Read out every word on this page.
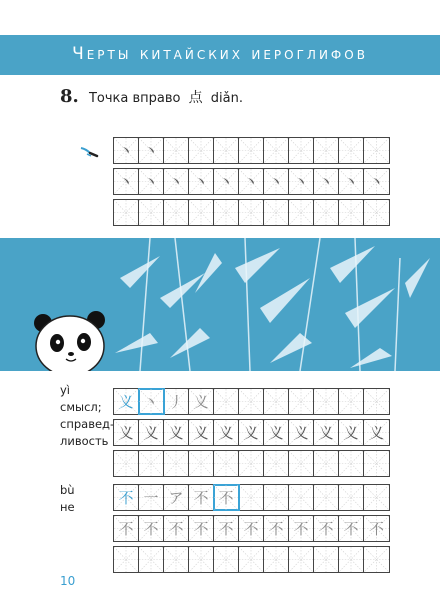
Черты китайских иероглифов
8. Точка вправо 点 diǎn.
丶 丶
丶 丶 丶 丶 丶 丶 丶 丶 丶 丶 丶
yì
смысл;
справед-
ливость
义 丶 丿 义
义 义 义 义 义 义 义 义 义 义 义
bù
не	不 一 ア 不 不
不 不 不 不 不 不 不 不 不 不 不
10
